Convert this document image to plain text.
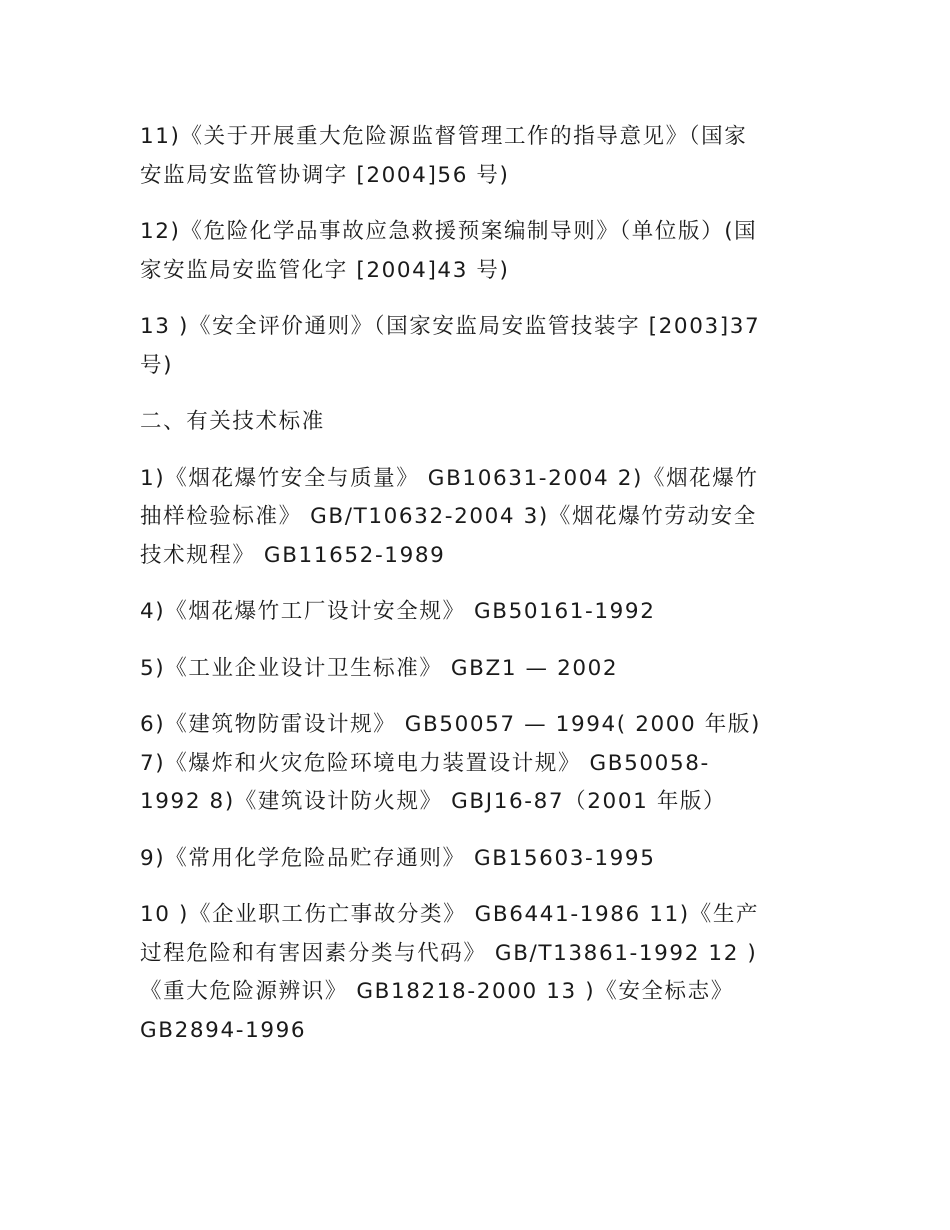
11)《关于开展重大危险源监督管理工作的指导意见》（国家
安监局安监管协调字 [2004]56 号)

12)《危险化学品事故应急救援预案编制导则》（单位版）(国
家安监局安监管化字 [2004]43 号)

13 )《安全评价通则》（国家安监局安监管技装字 [2003]37
号)

二、有关技术标准

1)《烟花爆竹安全与质量》 GB10631-2004 2)《烟花爆竹
抽样检验标准》 GB/T10632-2004 3)《烟花爆竹劳动安全
技术规程》 GB11652-1989

4)《烟花爆竹工厂设计安全规》 GB50161-1992

5)《工业企业设计卫生标准》 GBZ1 — 2002

6)《建筑物防雷设计规》 GB50057 — 1994( 2000 年版)
7)《爆炸和火灾危险环境电力装置设计规》 GB50058-
1992 8)《建筑设计防火规》 GBJ16-87（2001 年版）

9)《常用化学危险品贮存通则》 GB15603-1995

10 )《企业职工伤亡事故分类》 GB6441-1986 11)《生产
过程危险和有害因素分类与代码》 GB/T13861-1992 12 )
《重大危险源辨识》 GB18218-2000 13 )《安全标志》
GB2894-1996
